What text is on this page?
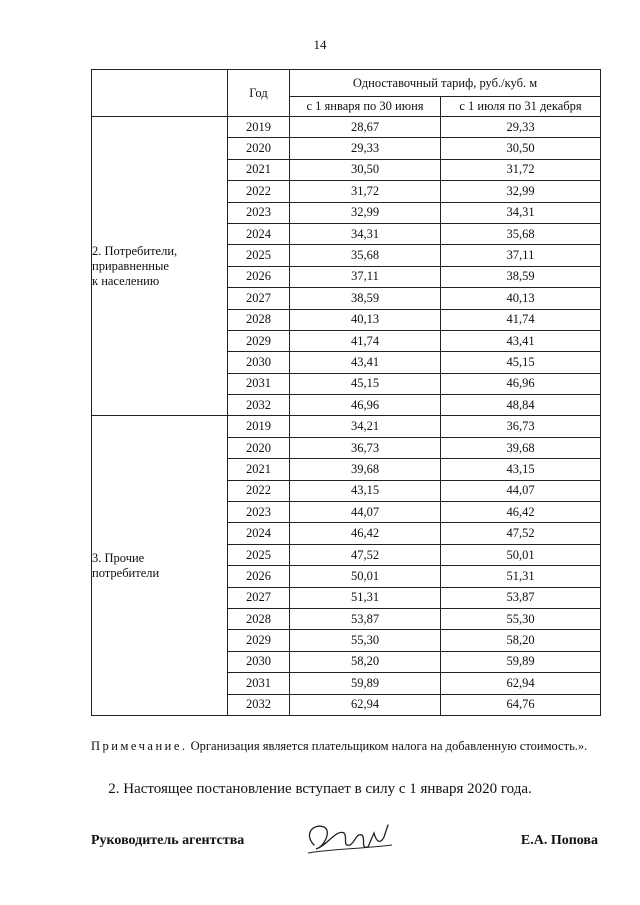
14
	Год	Одноставочный тариф, руб./куб. м	
		с 1 января по 30 июня	с 1 июля по 31 декабря

2. Потребители,
приравненные
к населению	2019	28,67	29,33
	2020	29,33	30,50
	2021	30,50	31,72
	2022	31,72	32,99
	2023	32,99	34,31
	2024	34,31	35,68
	2025	35,68	37,11
	2026	37,11	38,59
	2027	38,59	40,13
	2028	40,13	41,74
	2029	41,74	43,41
	2030	43,41	45,15
	2031	45,15	46,96
	2032	46,96	48,84

3. Прочие
потребители	2019	34,21	36,73
	2020	36,73	39,68
	2021	39,68	43,15
	2022	43,15	44,07
	2023	44,07	46,42
	2024	46,42	47,52
	2025	47,52	50,01
	2026	50,01	51,31
	2027	51,31	53,87
	2028	53,87	55,30
	2029	55,30	58,20
	2030	58,20	59,89
	2031	59,89	62,94
	2032	62,94	64,76
Примечание. Организация является плательщиком налога на добавленную стоимость.».
2. Настоящее постановление вступает в силу с 1 января 2020 года.
Руководитель агентства	Е.А. Попова
